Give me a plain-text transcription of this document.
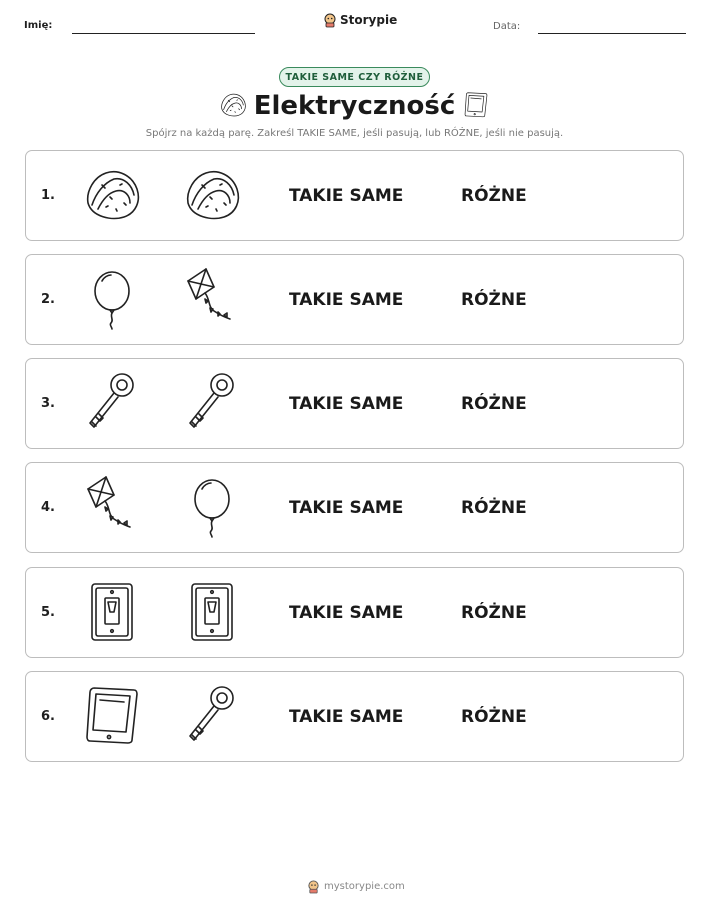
Imię:	Storypie	Data:
TAKIE SAME CZY RÓŻNE
Elektryczność
Spójrz na każdą parę. Zakreśl TAKIE SAME, jeśli pasują, lub RÓŻNE, jeśli nie pasują.
1.	TAKIE SAME	RÓŻNE
2.	TAKIE SAME	RÓŻNE
3.	TAKIE SAME	RÓŻNE
4.	TAKIE SAME	RÓŻNE
5.	TAKIE SAME	RÓŻNE
6.	TAKIE SAME	RÓŻNE
mystorypie.com
